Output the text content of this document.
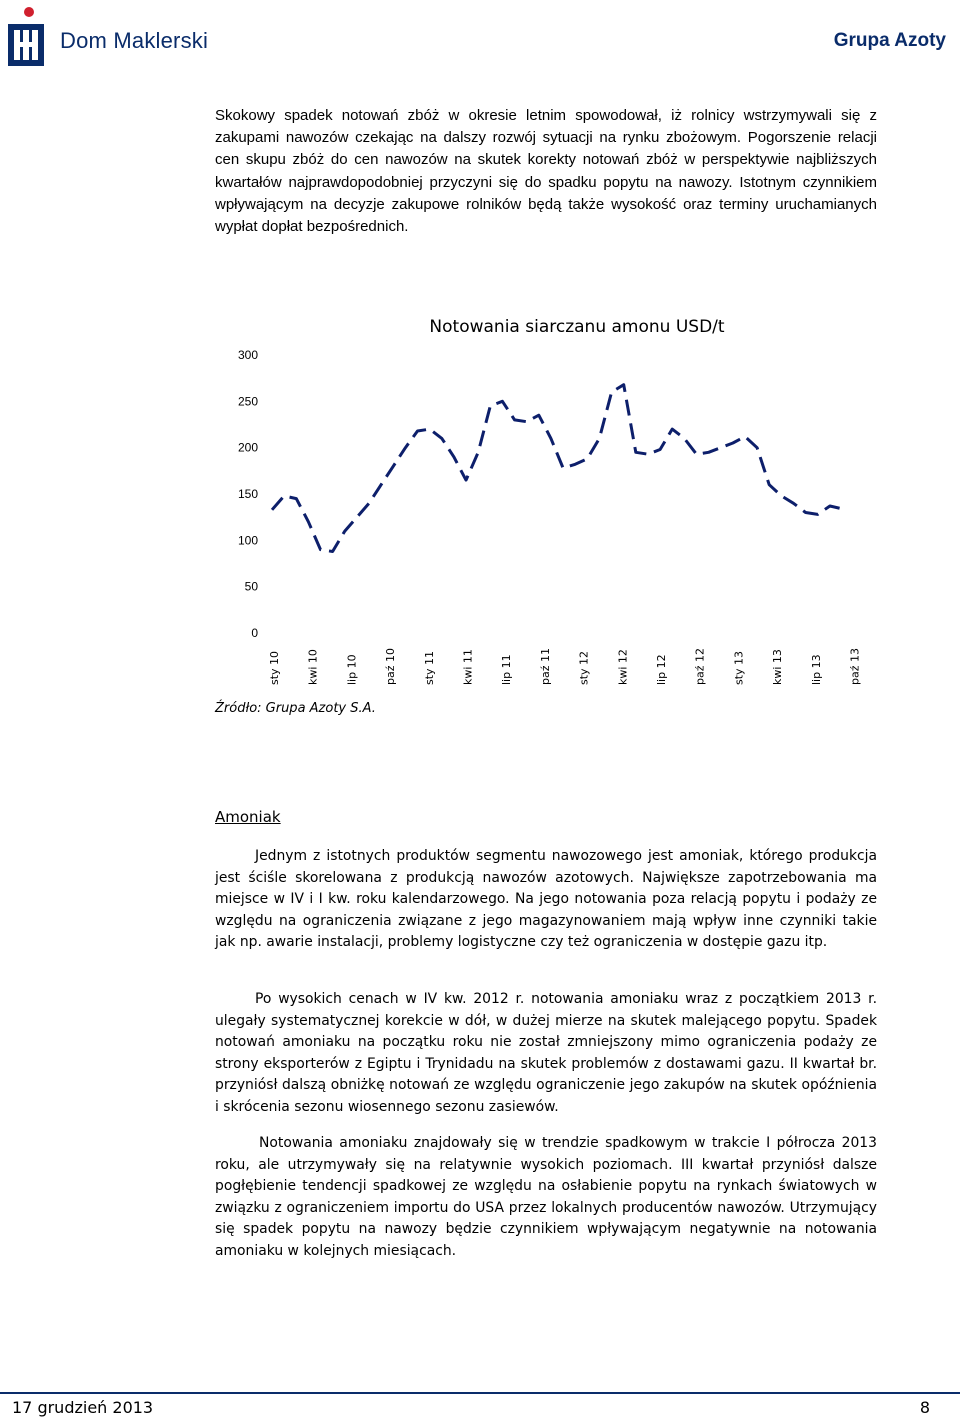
Dom Maklerski	Grupa Azoty

Skokowy spadek notowań zbóż w okresie letnim spowodował, iż rolnicy wstrzymywali się z zakupami nawozów czekając na dalszy rozwój sytuacji na rynku zbożowym. Pogorszenie relacji cen skupu zbóż do cen nawozów na skutek korekty notowań zbóż w perspektywie najbliższych kwartałów najprawdopodobniej przyczyni się do spadku popytu na nawozy. Istotnym czynnikiem wpływającym na decyzje zakupowe rolników będą także wysokość oraz terminy uruchamianych wypłat dopłat bezpośrednich.

Notowania siarczanu amonu USD/t
300
250
200
150
100
50
0
sty 10 kwi 10 lip 10 paź 10 sty 11 kwi 11 lip 11 paź 11 sty 12 kwi 12 lip 12 paź 12 sty 13 kwi 13 lip 13 paź 13

Źródło: Grupa Azoty S.A.

Amoniak

Jednym z istotnych produktów segmentu nawozowego jest amoniak, którego produkcja jest ściśle skorelowana z produkcją nawozów azotowych. Największe zapotrzebowania ma miejsce w IV i I kw. roku kalendarzowego. Na jego notowania poza relacją popytu i podaży ze względu na ograniczenia związane z jego magazynowaniem mają wpływ inne czynniki takie jak np. awarie instalacji, problemy logistyczne czy też ograniczenia w dostępie gazu itp.

Po wysokich cenach w IV kw. 2012 r. notowania amoniaku wraz z początkiem 2013 r. ulegały systematycznej korekcie w dół, w dużej mierze na skutek malejącego popytu. Spadek notowań amoniaku na początku roku nie został zmniejszony mimo ograniczenia podaży ze strony eksporterów z Egiptu i Trynidadu na skutek problemów z dostawami gazu. II kwartał br. przyniósł dalszą obniżkę notowań ze względu ograniczenie jego zakupów na skutek opóźnienia i skrócenia sezonu wiosennego sezonu zasiewów.

Notowania amoniaku znajdowały się w trendzie spadkowym w trakcie I półrocza 2013 roku, ale utrzymywały się na relatywnie wysokich poziomach. III kwartał przyniósł dalsze pogłębienie tendencji spadkowej ze względu na osłabienie popytu na rynkach światowych w związku z ograniczeniem importu do USA przez lokalnych producentów nawozów. Utrzymujący się spadek popytu na nawozy będzie czynnikiem wpływającym negatywnie na notowania amoniaku w kolejnych miesiącach.

17 grudzień 2013	8
